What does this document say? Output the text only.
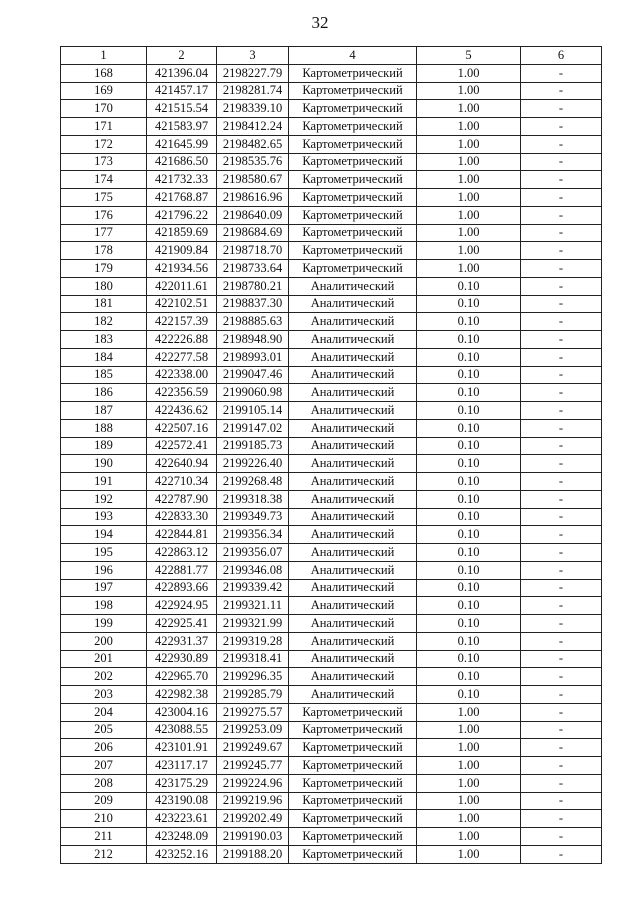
32
1	2	3	4	5	6
168	421396.04	2198227.79	Картометрический	1.00	-
169	421457.17	2198281.74	Картометрический	1.00	-
170	421515.54	2198339.10	Картометрический	1.00	-
171	421583.97	2198412.24	Картометрический	1.00	-
172	421645.99	2198482.65	Картометрический	1.00	-
173	421686.50	2198535.76	Картометрический	1.00	-
174	421732.33	2198580.67	Картометрический	1.00	-
175	421768.87	2198616.96	Картометрический	1.00	-
176	421796.22	2198640.09	Картометрический	1.00	-
177	421859.69	2198684.69	Картометрический	1.00	-
178	421909.84	2198718.70	Картометрический	1.00	-
179	421934.56	2198733.64	Картометрический	1.00	-
180	422011.61	2198780.21	Аналитический	0.10	-
181	422102.51	2198837.30	Аналитический	0.10	-
182	422157.39	2198885.63	Аналитический	0.10	-
183	422226.88	2198948.90	Аналитический	0.10	-
184	422277.58	2198993.01	Аналитический	0.10	-
185	422338.00	2199047.46	Аналитический	0.10	-
186	422356.59	2199060.98	Аналитический	0.10	-
187	422436.62	2199105.14	Аналитический	0.10	-
188	422507.16	2199147.02	Аналитический	0.10	-
189	422572.41	2199185.73	Аналитический	0.10	-
190	422640.94	2199226.40	Аналитический	0.10	-
191	422710.34	2199268.48	Аналитический	0.10	-
192	422787.90	2199318.38	Аналитический	0.10	-
193	422833.30	2199349.73	Аналитический	0.10	-
194	422844.81	2199356.34	Аналитический	0.10	-
195	422863.12	2199356.07	Аналитический	0.10	-
196	422881.77	2199346.08	Аналитический	0.10	-
197	422893.66	2199339.42	Аналитический	0.10	-
198	422924.95	2199321.11	Аналитический	0.10	-
199	422925.41	2199321.99	Аналитический	0.10	-
200	422931.37	2199319.28	Аналитический	0.10	-
201	422930.89	2199318.41	Аналитический	0.10	-
202	422965.70	2199296.35	Аналитический	0.10	-
203	422982.38	2199285.79	Аналитический	0.10	-
204	423004.16	2199275.57	Картометрический	1.00	-
205	423088.55	2199253.09	Картометрический	1.00	-
206	423101.91	2199249.67	Картометрический	1.00	-
207	423117.17	2199245.77	Картометрический	1.00	-
208	423175.29	2199224.96	Картометрический	1.00	-
209	423190.08	2199219.96	Картометрический	1.00	-
210	423223.61	2199202.49	Картометрический	1.00	-
211	423248.09	2199190.03	Картометрический	1.00	-
212	423252.16	2199188.20	Картометрический	1.00	-
